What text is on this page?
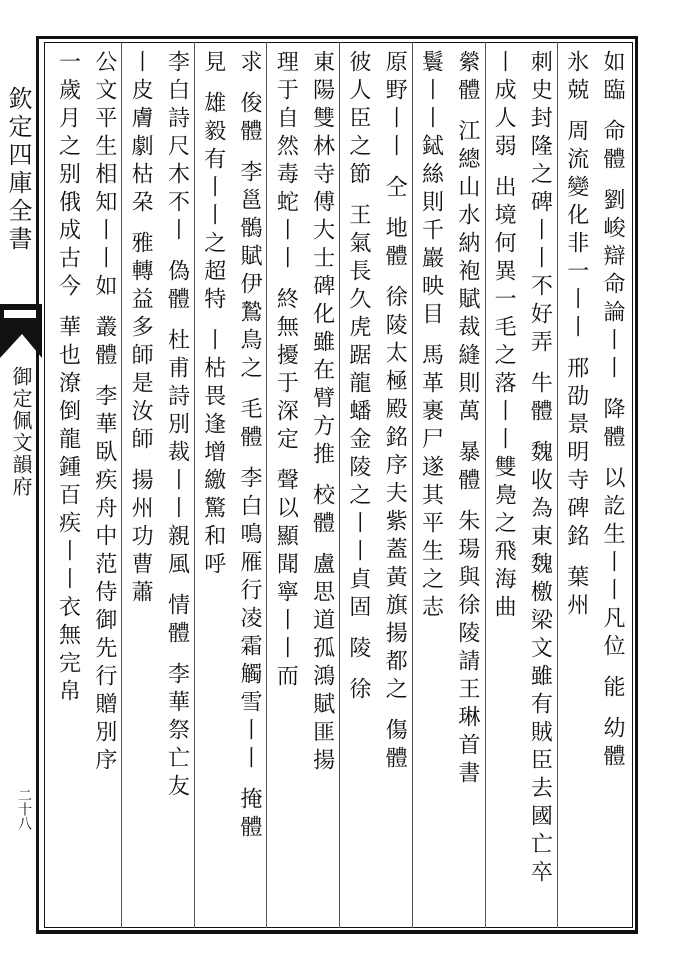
欽定四庫全書
御定佩文韻府
二十八
如臨 命體 劉峻辯命論丨丨 降體 以訖生丨丨凡位 能 幼體
氷兢 周流變化非一丨丨 邢劭景明寺碑銘 葉州
刺史封隆之碑丨丨不好弄 牛體 魏收為東魏檄梁文雖有賊臣去國亡卒
丨成人弱 出境何異一毛之落丨丨雙鳧之飛海曲
縈體 江總山水納袍賦裁縫則萬 暴體 朱瑒與徐陵請王琳首書
鬟丨丨鋱絲則千巖映目 馬革裹尸遂其平生之志
原野丨丨 仝 地體 徐陵太極殿銘序夫紫蓋黃旗揚都之 傷體
彼人臣之節 王氣長久虎踞龍蟠金陵之丨丨貞固 陵 徐
東陽雙林寺傅大士碑化雖在臂方推 校體 盧思道孤鴻賦匪揚
理于自然毒蛇丨丨 終無擾于深定 聲以顯聞寧丨丨而
求 俊體 李邕鶻賦伊鷙鳥之 毛體 李白鳴雁行凌霜觸雪丨丨 掩體
見 雄毅有丨丨之超特 丨枯畏逢增繳驚和呼
李白詩尺木不丨 偽體 杜甫詩別裁丨丨親風 情體 李華祭亡友
丨皮膚劇枯朶 雅轉益多師是汝師 揚州功曹蕭
公文平生相知丨丨如 叢體 李華臥疾舟中范侍御先行贈別序
一歲月之别俄成古今 華也潦倒龍鍾百疾丨丨衣無完帛
